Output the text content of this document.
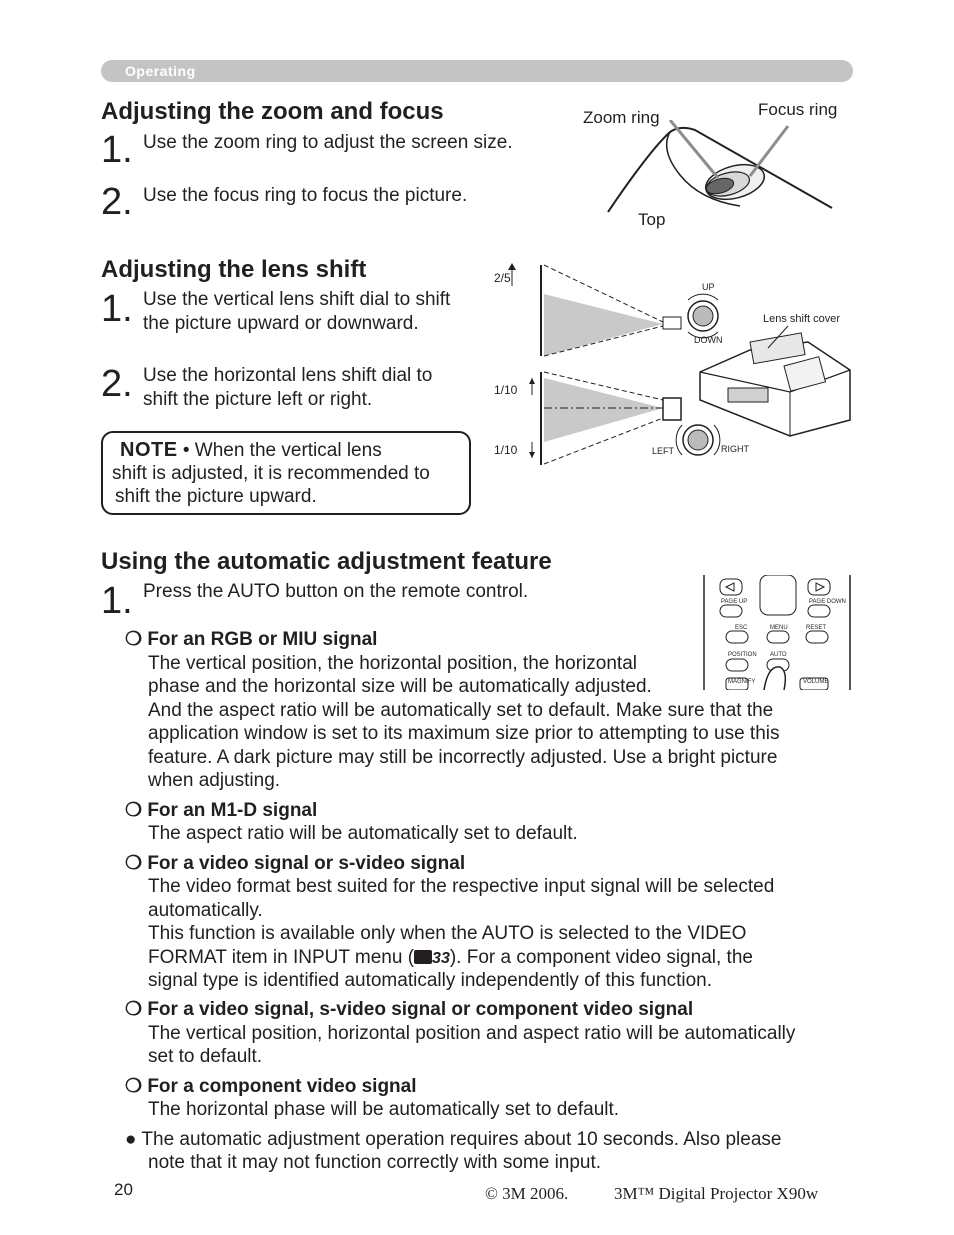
Operating
Adjusting the zoom and focus
1. Use the zoom ring to adjust the screen size.
2. Use the focus ring to focus the picture.
Zoom ring	Focus ring
Top
Adjusting the lens shift
1. Use the vertical lens shift dial to shift
the picture upward or downward.
2. Use the horizontal lens shift dial to
shift the picture left or right.
NOTE • When the vertical lens
shift is adjusted, it is recommended to
shift the picture upward.
2/5
1/10
1/10
UP
DOWN
LEFT	RIGHT
Lens shift cover
Using the automatic adjustment feature
1. Press the AUTO button on the remote control.	PAGE UP	PAGE DOWN
ESC	MENU	RESET
POSITION AUTO
MAGNIFY	VOLUME
❍ For an RGB or MIU signal
The vertical position, the horizontal position, the horizontal
phase and the horizontal size will be automatically adjusted.
And the aspect ratio will be automatically set to default. Make sure that the
application window is set to its maximum size prior to attempting to use this
feature. A dark picture may still be incorrectly adjusted. Use a bright picture
when adjusting.
❍ For an M1-D signal
The aspect ratio will be automatically set to default.
❍ For a video signal or s-video signal
The video format best suited for the respective input signal will be selected
automatically.
This function is available only when the AUTO is selected to the VIDEO
FORMAT item in INPUT menu ( 33). For a component video signal, the
signal type is identified automatically independently of this function.
❍ For a video signal, s-video signal or component video signal
The vertical position, horizontal position and aspect ratio will be automatically
set to default.
❍ For a component video signal
The horizontal phase will be automatically set to default.
● The automatic adjustment operation requires about 10 seconds. Also please
note that it may not function correctly with some input.
20	© 3M 2006.	3M™ Digital Projector X90w
